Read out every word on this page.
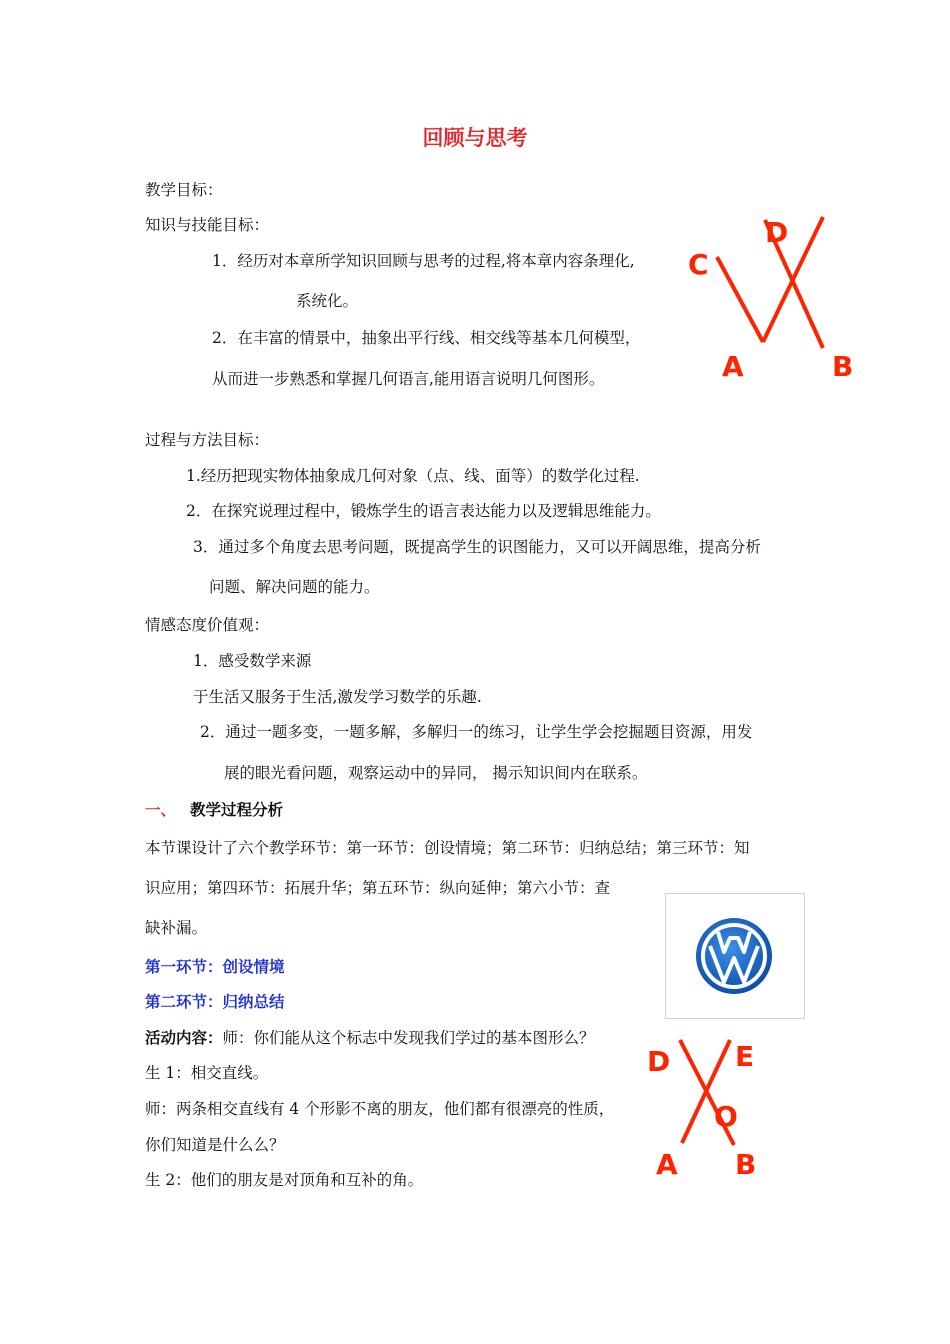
回顾与思考
教学目标：
知识与技能目标：
1．经历对本章所学知识回顾与思考的过程,将本章内容条理化,
系统化。
2．在丰富的情景中，抽象出平行线、相交线等基本几何模型，
从而进一步熟悉和掌握几何语言,能用语言说明几何图形。
过程与方法目标：
1.经历把现实物体抽象成几何对象（点、线、面等）的数学化过程.
2．在探究说理过程中，锻炼学生的语言表达能力以及逻辑思维能力。
3．通过多个角度去思考问题，既提高学生的识图能力，又可以开阔思维，提高分析
问题、解决问题的能力。
情感态度价值观：
1．感受数学来源
于生活又服务于生活,激发学习数学的乐趣.
2．通过一题多变，一题多解，多解归一的练习，让学生学会挖掘题目资源，用发
展的眼光看问题，观察运动中的异同， 揭示知识间内在联系。
一、 教学过程分析
本节课设计了六个教学环节：第一环节：创设情境；第二环节：归纳总结；第三环节：知
识应用；第四环节：拓展升华；第五环节：纵向延伸；第六小节：查
缺补漏。
第一环节：创设情境
第二环节：归纳总结
活动内容：师：你们能从这个标志中发现我们学过的基本图形么？
生 1：相交直线。
师：两条相交直线有 4 个形影不离的朋友，他们都有很漂亮的性质，
你们知道是什么么？
生 2：他们的朋友是对顶角和互补的角。
C
D
A	B
D E
O
A B
